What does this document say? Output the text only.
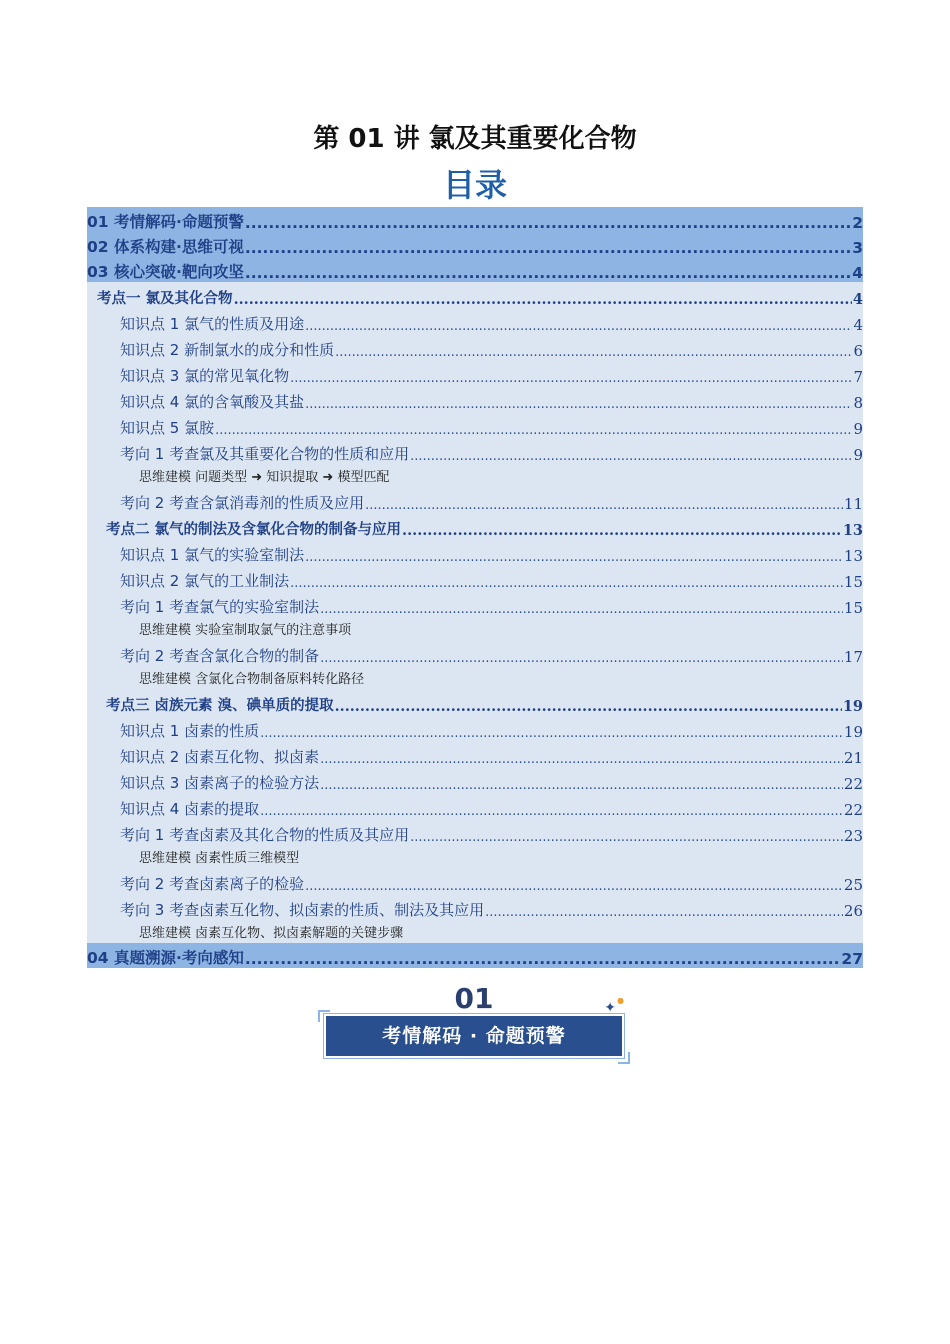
第 01 讲 氯及其重要化合物
目录
01 考情解码·命题预警 .....	2
02 体系构建·思维可视 .....	3
03 核心突破·靶向攻坚 .....	4
考点一 氯及其化合物 .....	4
知识点 1 氯气的性质及用途 .....	4
知识点 2 新制氯水的成分和性质 .....	6
知识点 3 氯的常见氧化物 .....	7
知识点 4 氯的含氧酸及其盐 .....	8
知识点 5 氯胺 .....	9
考向 1 考查氯及其重要化合物的性质和应用 .....	9
思维建模 问题类型 ➜ 知识提取 ➜ 模型匹配
考向 2 考查含氯消毒剂的性质及应用 .....	11
考点二 氯气的制法及含氯化合物的制备与应用 .....	13
知识点 1 氯气的实验室制法 .....	13
知识点 2 氯气的工业制法 .....	15
考向 1 考查氯气的实验室制法 .....	15
思维建模 实验室制取氯气的注意事项
考向 2 考查含氯化合物的制备 .....	17
思维建模 含氯化合物制备原料转化路径
考点三 卤族元素 溴、碘单质的提取 .....	19
知识点 1 卤素的性质 .....	19
知识点 2 卤素互化物、拟卤素 .....	21
知识点 3 卤素离子的检验方法 .....	22
知识点 4 卤素的提取 .....	22
考向 1 考查卤素及其化合物的性质及其应用 .....	23
思维建模 卤素性质三维模型
考向 2 考查卤素离子的检验 .....	25
考向 3 考查卤素互化物、拟卤素的性质、制法及其应用 .....	26
思维建模 卤素互化物、拟卤素解题的关键步骤
04 真题溯源·考向感知 .....	27
01	✦ ●
考情解码 · 命题预警
